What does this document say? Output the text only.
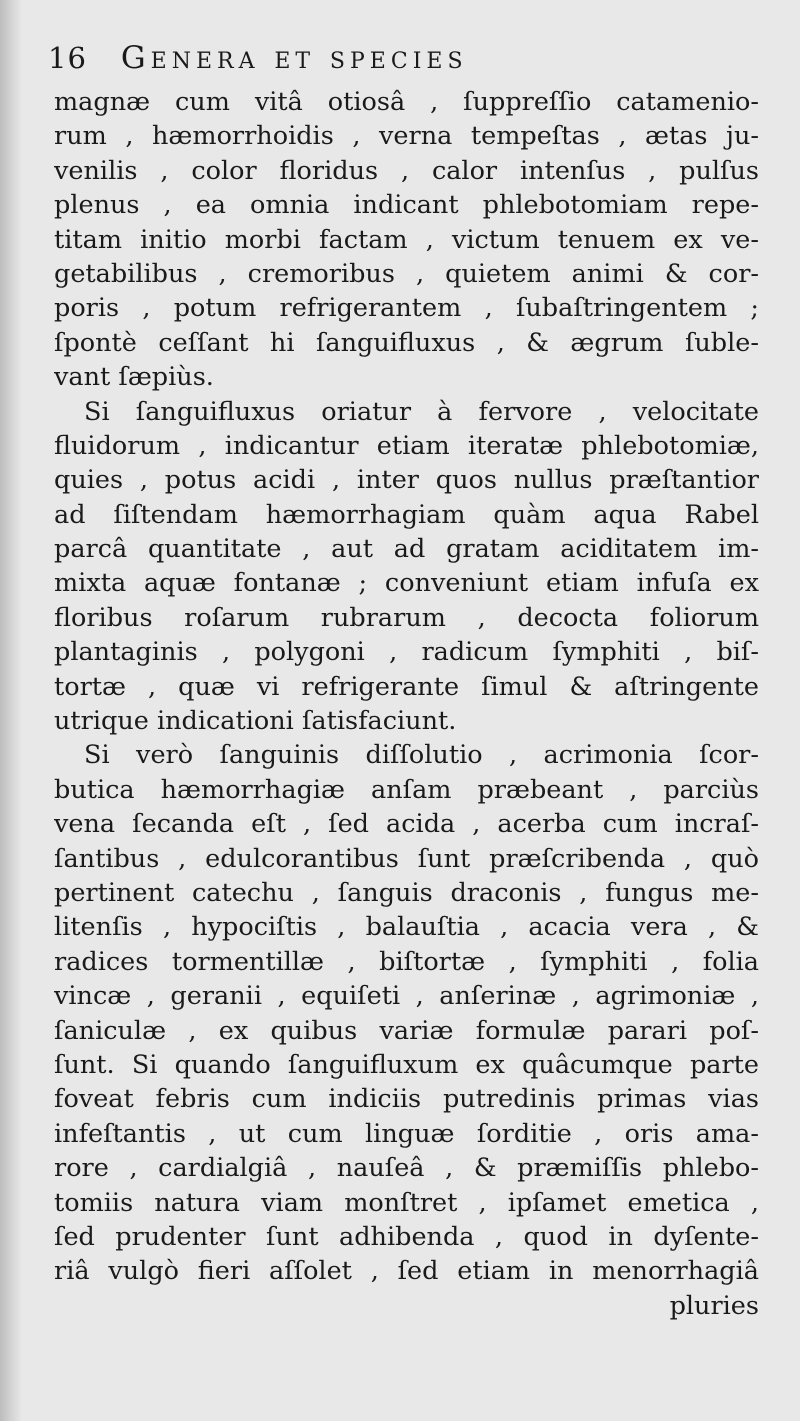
16 Genera et species
magnæ cum vitâ otiosâ , ſuppreſſio catamenio-
rum , hæmorrhoidis , verna tempeſtas , ætas ju-
venilis , color floridus , calor intenſus , pulſus
plenus , ea omnia indicant phlebotomiam repe-
titam initio morbi factam , victum tenuem ex ve-
getabilibus , cremoribus , quietem animi & cor-
poris , potum refrigerantem , ſubaſtringentem ;
ſpontè ceſſant hi ſanguifluxus , & ægrum ſuble-
vant ſæpiùs.
Si ſanguifluxus oriatur à fervore , velocitate
fluidorum , indicantur etiam iteratæ phlebotomiæ,
quies , potus acidi , inter quos nullus præſtantior
ad ſiſtendam hæmorrhagiam quàm aqua Rabel
parcâ quantitate , aut ad gratam aciditatem im-
mixta aquæ fontanæ ; conveniunt etiam infuſa ex
floribus roſarum rubrarum , decocta foliorum
plantaginis , polygoni , radicum ſymphiti , biſ-
tortæ , quæ vi refrigerante ſimul & aſtringente
utrique indicationi ſatisfaciunt.
Si verò ſanguinis diſſolutio , acrimonia ſcor-
butica hæmorrhagiæ anſam præbeant , parciùs
vena ſecanda eſt , ſed acida , acerba cum incraſ-
ſantibus , edulcorantibus ſunt præſcribenda , quò
pertinent catechu , ſanguis draconis , fungus me-
litenſis , hypociſtis , balauſtia , acacia vera , &
radices tormentillæ , biſtortæ , ſymphiti , folia
vincæ , geranii , equiſeti , anſerinæ , agrimoniæ ,
ſaniculæ , ex quibus variæ formulæ parari poſ-
ſunt. Si quando ſanguifluxum ex quâcumque parte
foveat febris cum indiciis putredinis primas vias
infeſtantis , ut cum linguæ ſorditie , oris ama-
rore , cardialgiâ , nauſeâ , & præmiſſis phlebo-
tomiis natura viam monſtret , ipſamet emetica ,
ſed prudenter ſunt adhibenda , quod in dyſente-
riâ vulgò fieri aſſolet , ſed etiam in menorrhagiâ
pluries
